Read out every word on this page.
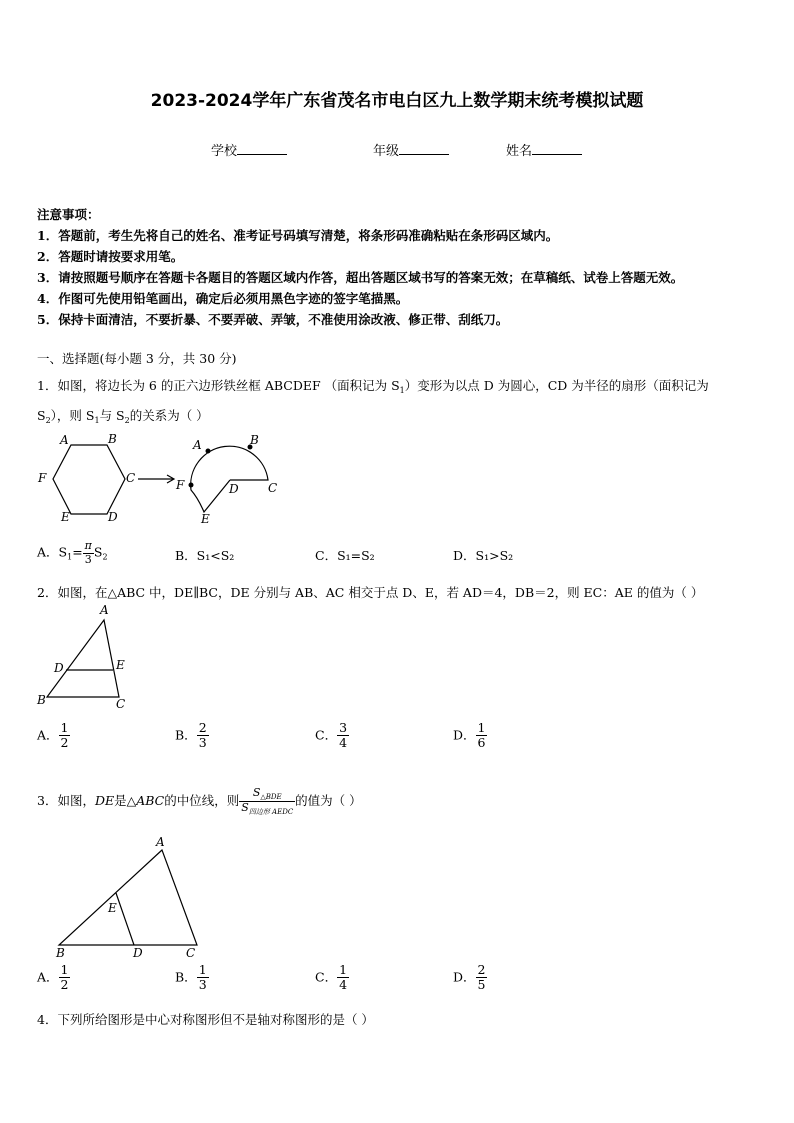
2023-2024学年广东省茂名市电白区九上数学期末统考模拟试题
学校	年级	姓名
注意事项：
1．答题前，考生先将自己的姓名、准考证号码填写清楚，将条形码准确粘贴在条形码区域内。
2．答题时请按要求用笔。
3．请按照题号顺序在答题卡各题目的答题区域内作答，超出答题区域书写的答案无效；在草稿纸、试卷上答题无效。
4．作图可先使用铅笔画出，确定后必须用黑色字迹的签字笔描黑。
5．保持卡面清洁，不要折暴、不要弄破、弄皱，不准使用涂改液、修正带、刮纸刀。
一、选择题(每小题 3 分，共 30 分)
1．如图，将边长为 6 的正六边形铁丝框 ABCDEF （面积记为 $S_1$）变形为以点 D 为圆心，CD 为半径的扇形（面积记为
$S_2$），则 $S_1$与 $S_2$的关系为（ ）
A	B
C
D
E
F
A	B
C
D
F
E
A．$S_1= \frac{\pi}{3} S_2$	B．S₁<S₂	C．S₁=S₂	D．S₁>S₂
2．如图，在△ABC 中，DE∥BC，DE 分别与 AB、AC 相交于点 D、E，若 AD＝4，DB＝2，则 EC：AE 的值为（ ）
A
D	E
B	C
A． $\frac{1}{2}$	B． $\frac{2}{3}$	C． $\frac{3}{4}$	D． $\frac{1}{6}$
3．如图，DE是△ABC的中位线，则 $\frac{S_{\triangle BDE}}{S_{四边形 AEDC}}$ 的值为（ ）
A
E
B	D	C
A． $\frac{1}{2}$	B． $\frac{1}{3}$	C． $\frac{1}{4}$	D． $\frac{2}{5}$
4．下列所给图形是中心对称图形但不是轴对称图形的是（ ）
